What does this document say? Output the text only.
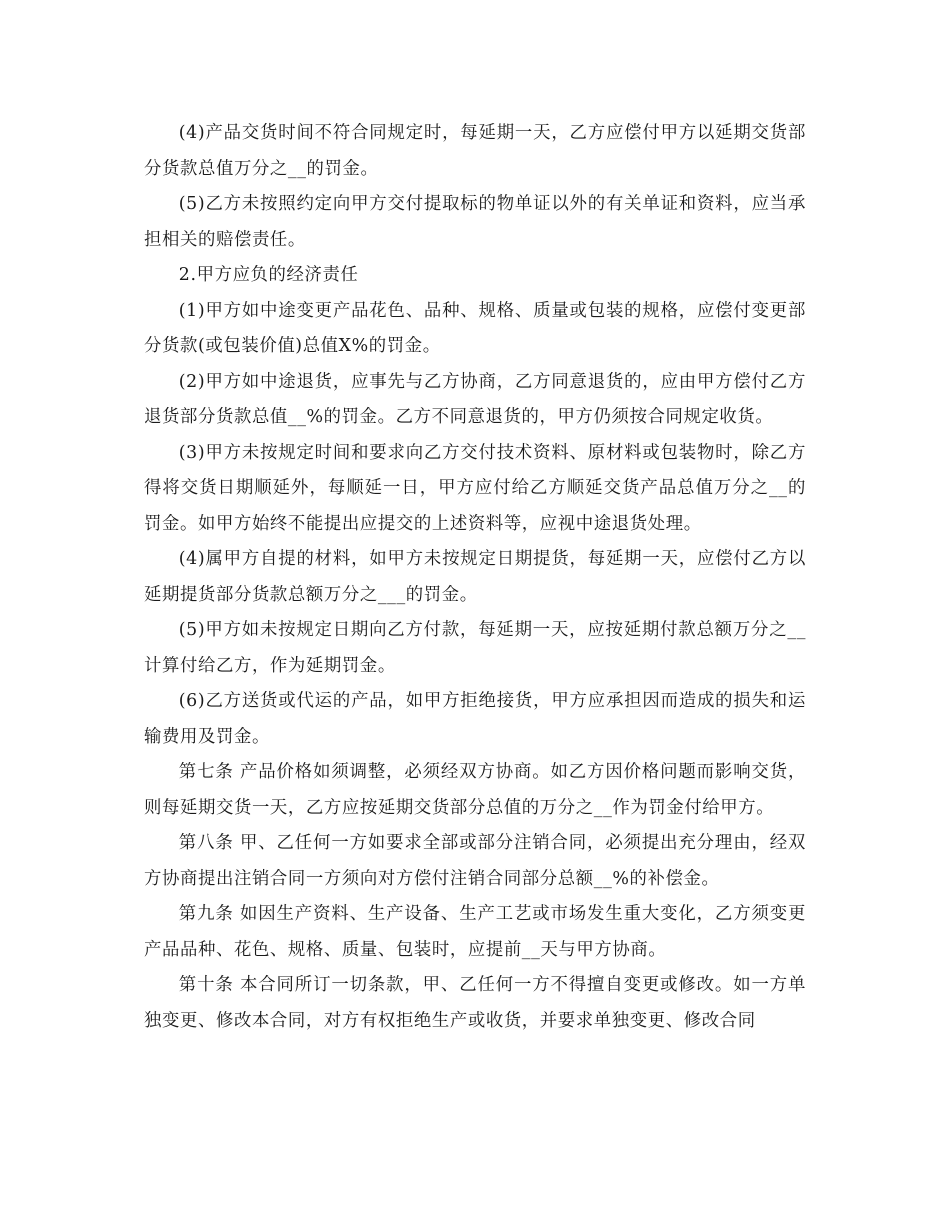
(4)产品交货时间不符合同规定时，每延期一天，乙方应偿付甲方以延期交货部分货款总值万分之__的罚金。

(5)乙方未按照约定向甲方交付提取标的物单证以外的有关单证和资料，应当承担相关的赔偿责任。

2.甲方应负的经济责任

(1)甲方如中途变更产品花色、品种、规格、质量或包装的规格，应偿付变更部分货款(或包装价值)总值X%的罚金。

(2)甲方如中途退货，应事先与乙方协商，乙方同意退货的，应由甲方偿付乙方退货部分货款总值__%的罚金。乙方不同意退货的，甲方仍须按合同规定收货。

(3)甲方未按规定时间和要求向乙方交付技术资料、原材料或包装物时，除乙方得将交货日期顺延外，每顺延一日，甲方应付给乙方顺延交货产品总值万分之__的罚金。如甲方始终不能提出应提交的上述资料等，应视中途退货处理。

(4)属甲方自提的材料，如甲方未按规定日期提货，每延期一天，应偿付乙方以延期提货部分货款总额万分之___的罚金。

(5)甲方如未按规定日期向乙方付款，每延期一天，应按延期付款总额万分之__计算付给乙方，作为延期罚金。

(6)乙方送货或代运的产品，如甲方拒绝接货，甲方应承担因而造成的损失和运输费用及罚金。

第七条 产品价格如须调整，必须经双方协商。如乙方因价格问题而影响交货，则每延期交货一天，乙方应按延期交货部分总值的万分之__作为罚金付给甲方。

第八条 甲、乙任何一方如要求全部或部分注销合同，必须提出充分理由，经双方协商提出注销合同一方须向对方偿付注销合同部分总额__%的补偿金。

第九条 如因生产资料、生产设备、生产工艺或市场发生重大变化，乙方须变更产品品种、花色、规格、质量、包装时，应提前__天与甲方协商。

第十条 本合同所订一切条款，甲、乙任何一方不得擅自变更或修改。如一方单独变更、修改本合同，对方有权拒绝生产或收货，并要求单独变更、修改合同
